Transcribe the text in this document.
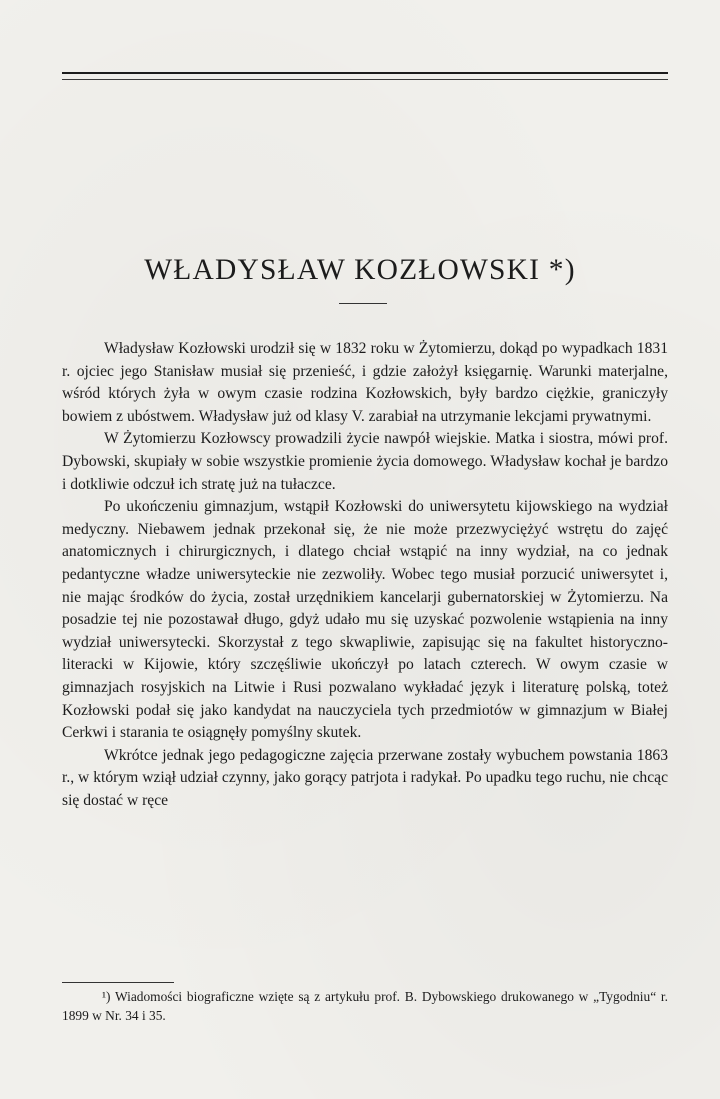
WŁADYSŁAW KOZŁOWSKI *)

Władysław Kozłowski urodził się w 1832 roku w Żytomierzu, dokąd po wypadkach 1831 r. ojciec jego Stanisław musiał się przenieść, i gdzie założył księgarnię. Warunki materjalne, wśród których żyła w owym czasie rodzina Kozłowskich, były bardzo ciężkie, graniczyły bowiem z ubóstwem. Władysław już od klasy V. zarabiał na utrzymanie lekcjami prywatnymi.

W Żytomierzu Kozłowscy prowadzili życie nawpół wiejskie. Matka i siostra, mówi prof. Dybowski, skupiały w sobie wszystkie promienie życia domowego. Władysław kochał je bardzo i dotkliwie odczuł ich stratę już na tułaczce.

Po ukończeniu gimnazjum, wstąpił Kozłowski do uniwersytetu kijowskiego na wydział medyczny. Niebawem jednak przekonał się, że nie może przezwyciężyć wstrętu do zajęć anatomicznych i chirurgicznych, i dlatego chciał wstąpić na inny wydział, na co jednak pedantyczne władze uniwersyteckie nie zezwoliły. Wobec tego musiał porzucić uniwersytet i, nie mając środków do życia, został urzędnikiem kancelarji gubernatorskiej w Żytomierzu. Na posadzie tej nie pozostawał długo, gdyż udało mu się uzyskać pozwolenie wstąpienia na inny wydział uniwersytecki. Skorzystał z tego skwapliwie, zapisując się na fakultet historyczno-literacki w Kijowie, który szczęśliwie ukończył po latach czterech. W owym czasie w gimnazjach rosyjskich na Litwie i Rusi pozwalano wykładać język i literaturę polską, toteż Kozłowski podał się jako kandydat na nauczyciela tych przedmiotów w gimnazjum w Białej Cerkwi i starania te osiągnęły pomyślny skutek.

Wkrótce jednak jego pedagogiczne zajęcia przerwane zostały wybuchem powstania 1863 r., w którym wziął udział czynny, jako gorący patrjota i radykał. Po upadku tego ruchu, nie chcąc się dostać w ręce

¹) Wiadomości biograficzne wzięte są z artykułu prof. B. Dybowskiego drukowanego w „Tygodniu“ r. 1899 w Nr. 34 i 35.
